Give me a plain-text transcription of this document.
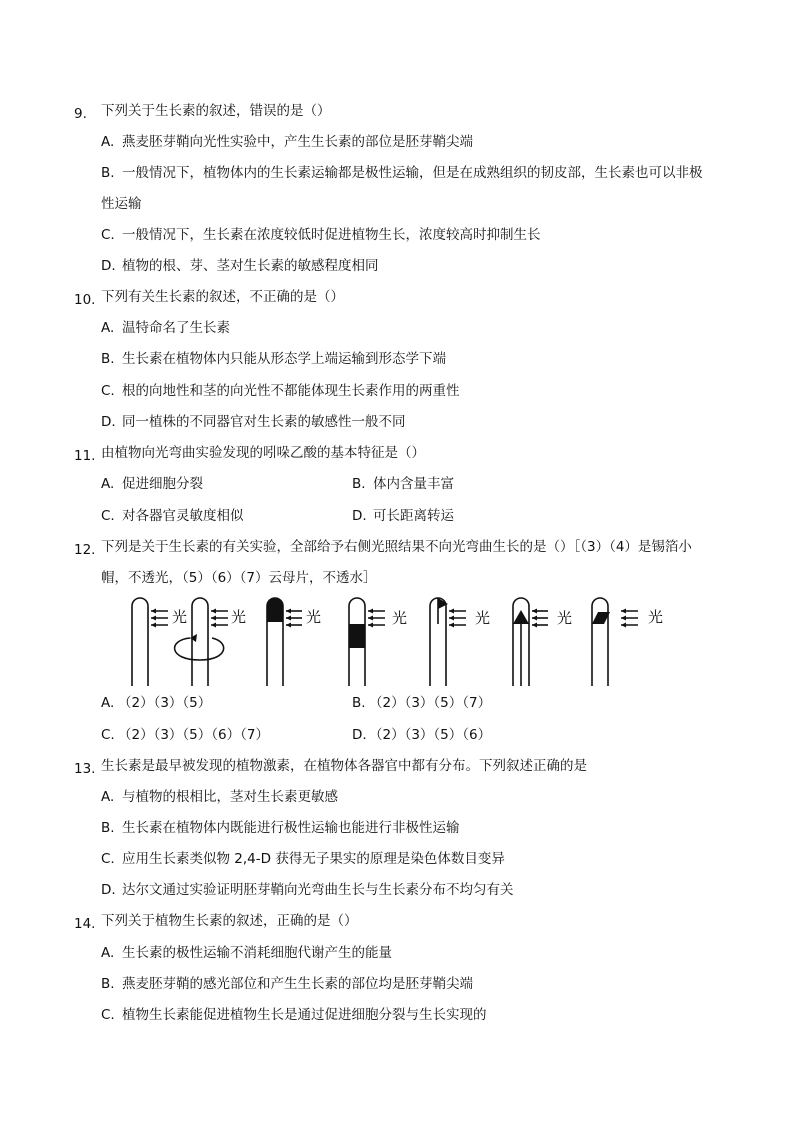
9. 下列关于生长素的叙述，错误的是（）
A. 燕麦胚芽鞘向光性实验中，产生生长素的部位是胚芽鞘尖端
B. 一般情况下，植物体内的生长素运输都是极性运输，但是在成熟组织的韧皮部，生长素也可以非极
性运输
C. 一般情况下，生长素在浓度较低时促进植物生长，浓度较高时抑制生长
D. 植物的根、芽、茎对生长素的敏感程度相同
10. 下列有关生长素的叙述，不正确的是（）
A. 温特命名了生长素
B. 生长素在植物体内只能从形态学上端运输到形态学下端
C. 根的向地性和茎的向光性不都能体现生长素作用的两重性
D. 同一植株的不同器官对生长素的敏感性一般不同
11. 由植物向光弯曲实验发现的吲哚乙酸的基本特征是（）
A. 促进细胞分裂	B. 体内含量丰富
C. 对各器官灵敏度相似	D. 可长距离转运
12. 下列是关于生长素的有关实验，全部给予右侧光照结果不向光弯曲生长的是（）［（3）（4）是锡箔小
帽，不透光，（5）（6）（7）云母片，不透水］
光	光	光	光	光	光	光
A. （2）（3）（5）	B. （2）（3）（5）（7）
C. （2）（3）（5）（6）（7）	D. （2）（3）（5）（6）
13. 生长素是最早被发现的植物激素，在植物体各器官中都有分布。下列叙述正确的是
A. 与植物的根相比，茎对生长素更敏感
B. 生长素在植物体内既能进行极性运输也能进行非极性运输
C. 应用生长素类似物 2,4-D 获得无子果实的原理是染色体数目变异
D. 达尔文通过实验证明胚芽鞘向光弯曲生长与生长素分布不均匀有关
14. 下列关于植物生长素的叙述，正确的是（）
A. 生长素的极性运输不消耗细胞代谢产生的能量
B. 燕麦胚芽鞘的感光部位和产生生长素的部位均是胚芽鞘尖端
C. 植物生长素能促进植物生长是通过促进细胞分裂与生长实现的
